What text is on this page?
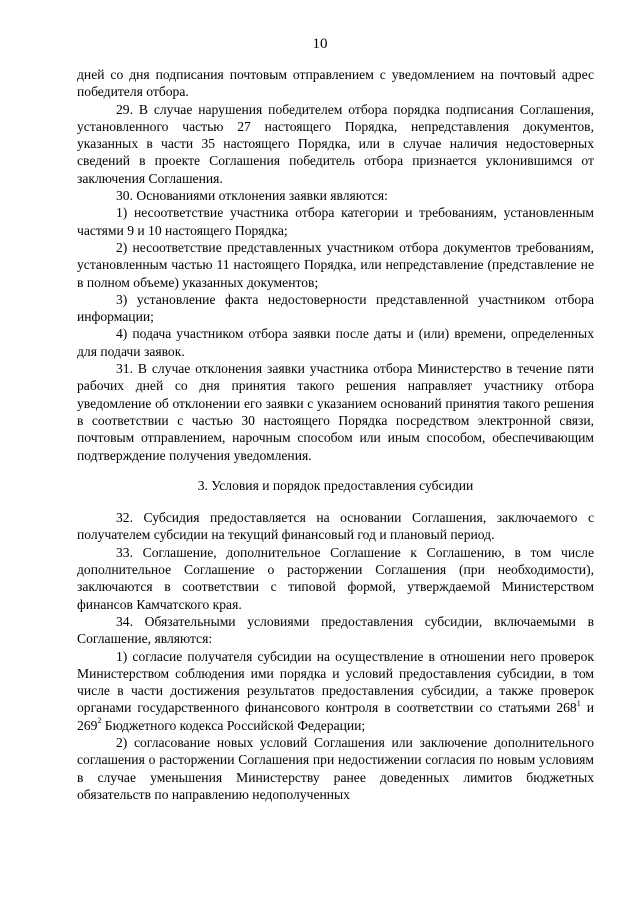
10

дней со дня подписания почтовым отправлением с уведомлением на почтовый адрес победителя отбора.

29. В случае нарушения победителем отбора порядка подписания Соглашения, установленного частью 27 настоящего Порядка, непредставления документов, указанных в части 35 настоящего Порядка, или в случае наличия недостоверных сведений в проекте Соглашения победитель отбора признается уклонившимся от заключения Соглашения.

30. Основаниями отклонения заявки являются:

1) несоответствие участника отбора категории и требованиям, установленным частями 9 и 10 настоящего Порядка;

2) несоответствие представленных участником отбора документов требованиям, установленным частью 11 настоящего Порядка, или непредставление (представление не в полном объеме) указанных документов;

3) установление факта недостоверности представленной участником отбора информации;

4) подача участником отбора заявки после даты и (или) времени, определенных для подачи заявок.

31. В случае отклонения заявки участника отбора Министерство в течение пяти рабочих дней со дня принятия такого решения направляет участнику отбора уведомление об отклонении его заявки с указанием оснований принятия такого решения в соответствии с частью 30 настоящего Порядка посредством электронной связи, почтовым отправлением, нарочным способом или иным способом, обеспечивающим подтверждение получения уведомления.

3. Условия и порядок предоставления субсидии

32. Субсидия предоставляется на основании Соглашения, заключаемого с получателем субсидии на текущий финансовый год и плановый период.

33. Соглашение, дополнительное Соглашение к Соглашению, в том числе дополнительное Соглашение о расторжении Соглашения (при необходимости), заключаются в соответствии с типовой формой, утверждаемой Министерством финансов Камчатского края.

34. Обязательными условиями предоставления субсидии, включаемыми в Соглашение, являются:

1) согласие получателя субсидии на осуществление в отношении него проверок Министерством соблюдения ими порядка и условий предоставления субсидии, в том числе в части достижения результатов предоставления субсидии, а также проверок органами государственного финансового контроля в соответствии со статьями $268^1$ и $269^2$ Бюджетного кодекса Российской Федерации;

2) согласование новых условий Соглашения или заключение дополнительного соглашения о расторжении Соглашения при недостижении согласия по новым условиям в случае уменьшения Министерству ранее доведенных лимитов бюджетных обязательств по направлению недополученных
